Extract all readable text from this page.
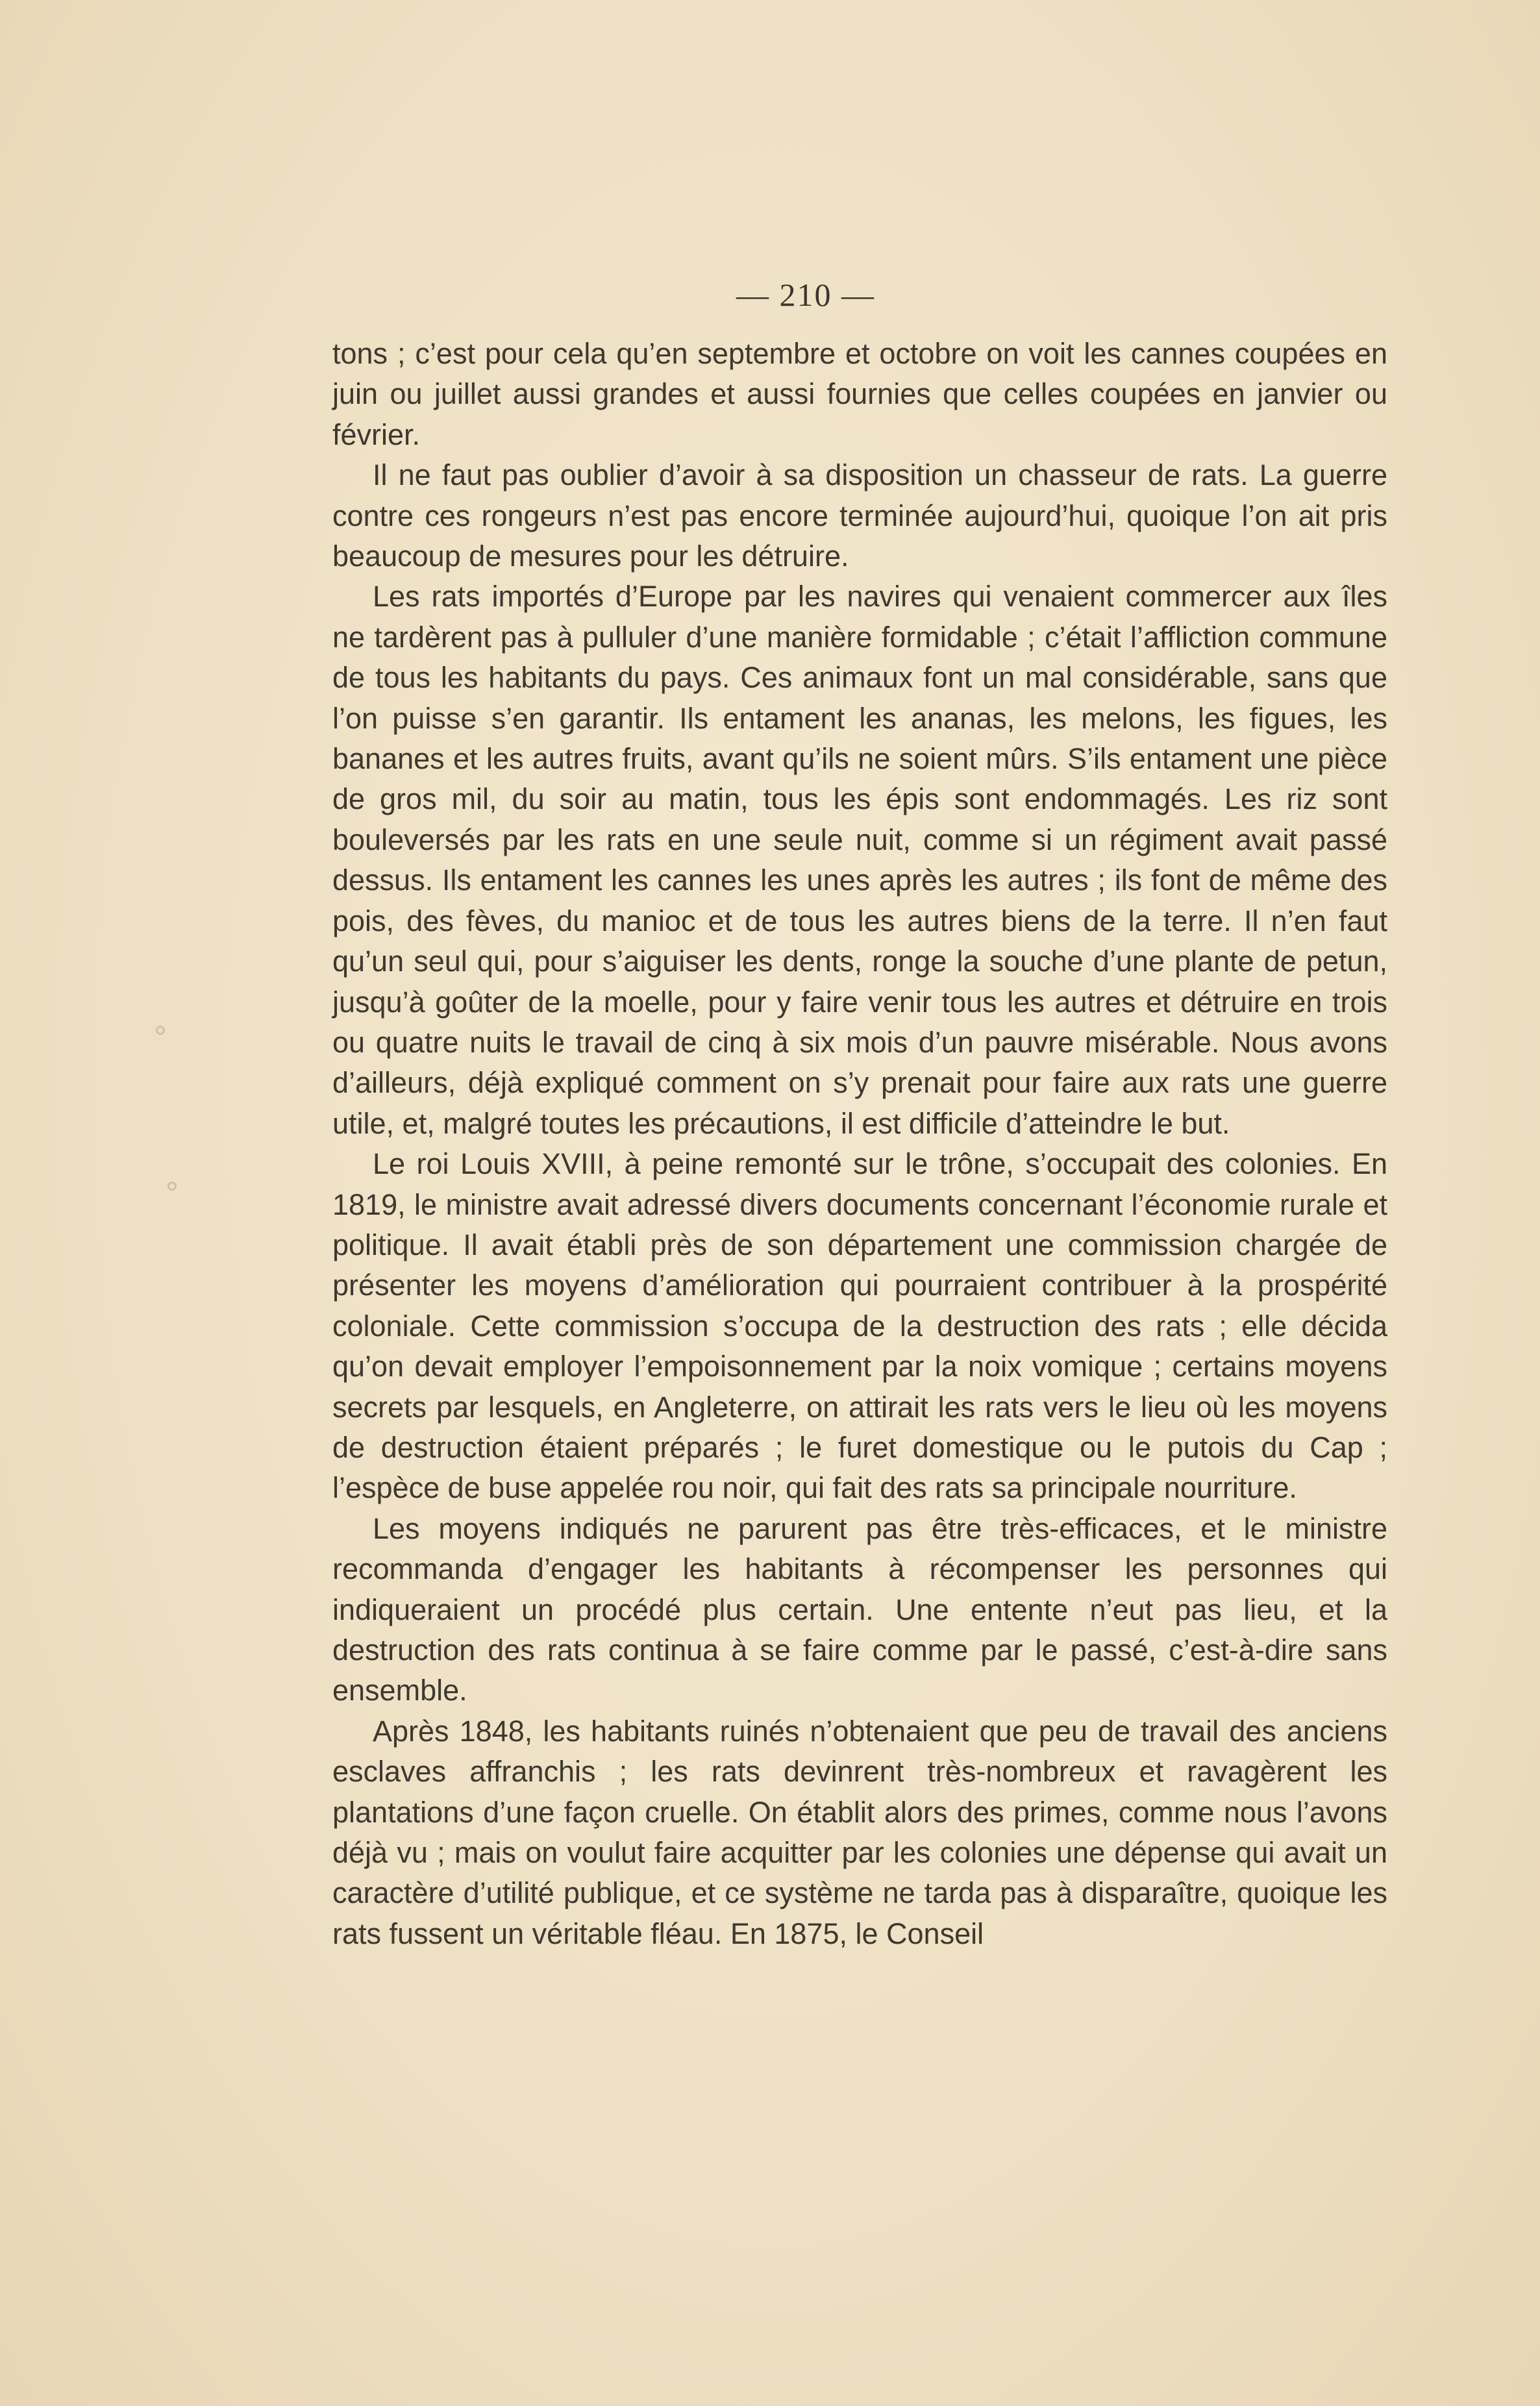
— 210 —

tons ; c’est pour cela qu’en septembre et octobre on voit les cannes coupées en juin ou juillet aussi grandes et aussi fournies que celles coupées en janvier ou février.

Il ne faut pas oublier d’avoir à sa disposition un chasseur de rats. La guerre contre ces rongeurs n’est pas encore terminée aujourd’hui, quoique l’on ait pris beaucoup de mesures pour les détruire.

Les rats importés d’Europe par les navires qui venaient commercer aux îles ne tardèrent pas à pulluler d’une manière formidable ; c’était l’affliction commune de tous les habitants du pays. Ces animaux font un mal considérable, sans que l’on puisse s’en garantir. Ils entament les ananas, les melons, les figues, les bananes et les autres fruits, avant qu’ils ne soient mûrs. S’ils entament une pièce de gros mil, du soir au matin, tous les épis sont endommagés. Les riz sont bouleversés par les rats en une seule nuit, comme si un régiment avait passé dessus. Ils entament les cannes les unes après les autres ; ils font de même des pois, des fèves, du manioc et de tous les autres biens de la terre. Il n’en faut qu’un seul qui, pour s’aiguiser les dents, ronge la souche d’une plante de petun, jusqu’à goûter de la moelle, pour y faire venir tous les autres et détruire en trois ou quatre nuits le travail de cinq à six mois d’un pauvre misérable. Nous avons d’ailleurs, déjà expliqué comment on s’y prenait pour faire aux rats une guerre utile, et, malgré toutes les précautions, il est difficile d’atteindre le but.

Le roi Louis XVIII, à peine remonté sur le trône, s’occupait des colonies. En 1819, le ministre avait adressé divers documents concernant l’économie rurale et politique. Il avait établi près de son département une commission chargée de présenter les moyens d’amélioration qui pourraient contribuer à la prospérité coloniale. Cette commission s’occupa de la destruction des rats ; elle décida qu’on devait employer l’empoisonnement par la noix vomique ; certains moyens secrets par lesquels, en Angleterre, on attirait les rats vers le lieu où les moyens de destruction étaient préparés ; le furet domestique ou le putois du Cap ; l’espèce de buse appelée rou noir, qui fait des rats sa principale nourriture.

Les moyens indiqués ne parurent pas être très-efficaces, et le ministre recommanda d’engager les habitants à récompenser les personnes qui indiqueraient un procédé plus certain. Une entente n’eut pas lieu, et la destruction des rats continua à se faire comme par le passé, c’est-à-dire sans ensemble.

Après 1848, les habitants ruinés n’obtenaient que peu de travail des anciens esclaves affranchis ; les rats devinrent très-nombreux et ravagèrent les plantations d’une façon cruelle. On établit alors des primes, comme nous l’avons déjà vu ; mais on voulut faire acquitter par les colonies une dépense qui avait un caractère d’utilité publique, et ce système ne tarda pas à disparaître, quoique les rats fussent un véritable fléau. En 1875, le Conseil
